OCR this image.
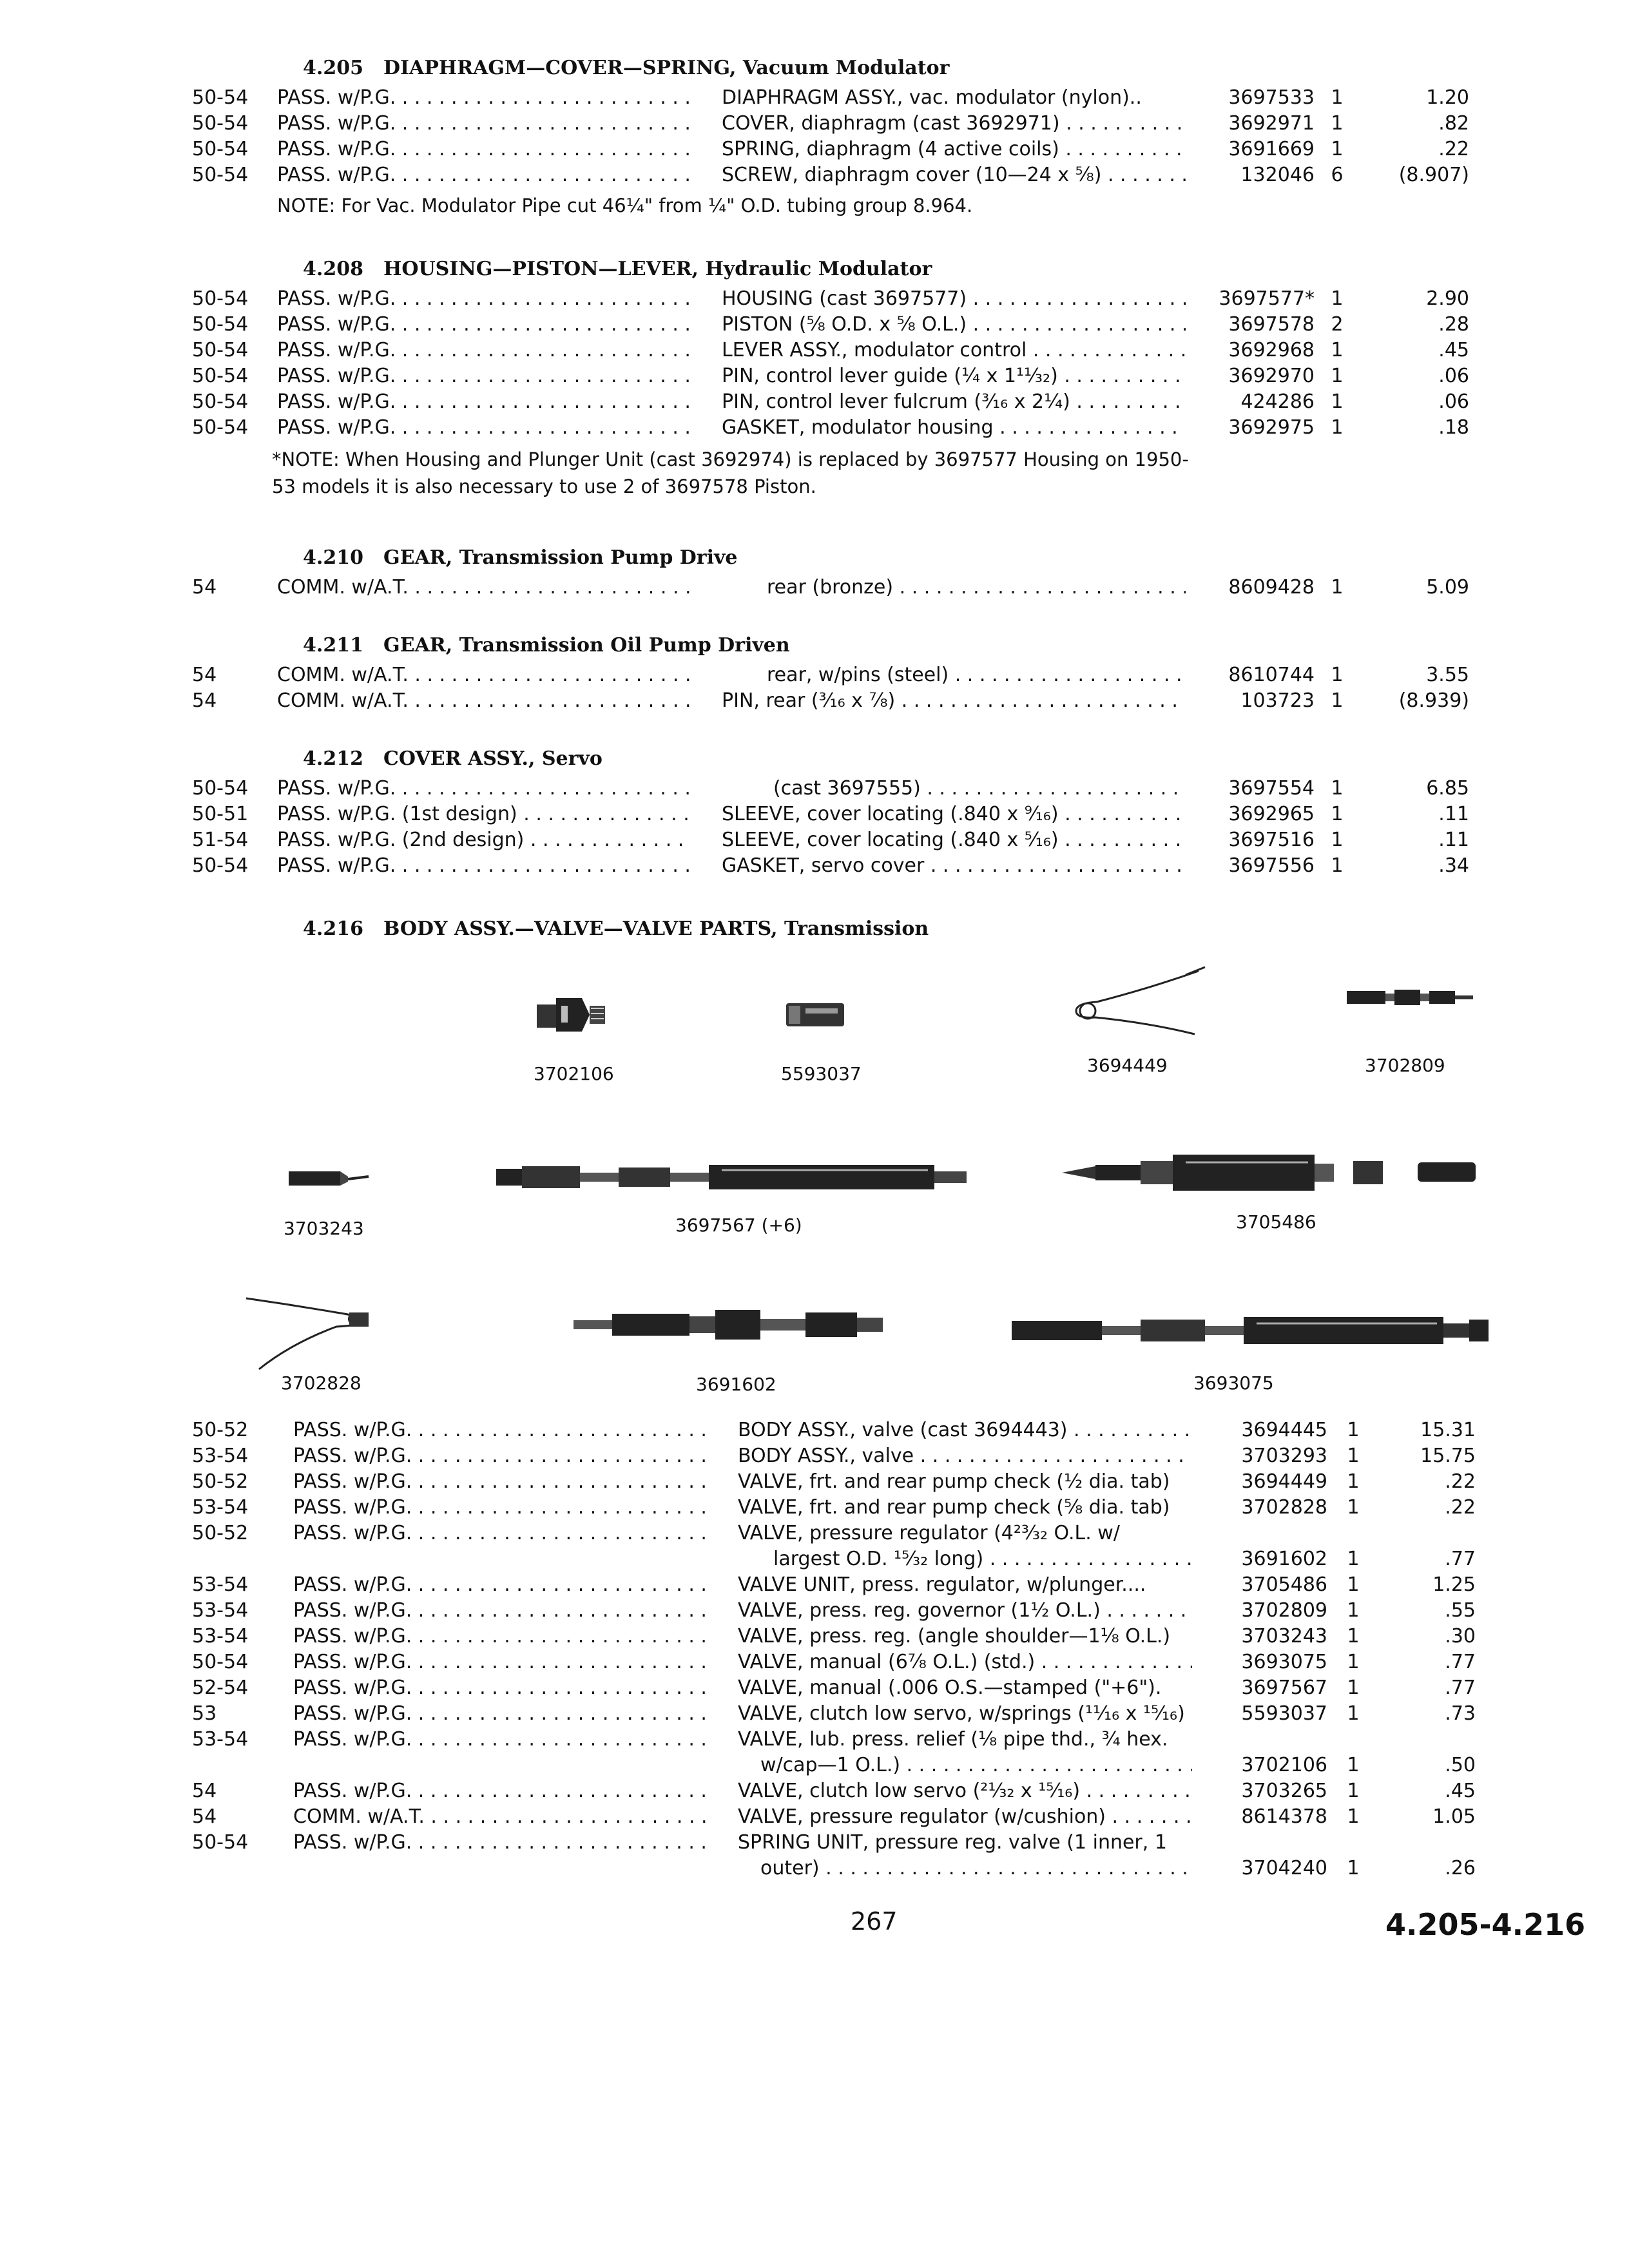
4.205 DIAPHRAGM—COVER—SPRING, Vacuum Modulator
50-54 PASS. w/P.G. . . .	DIAPHRAGM ASSY., vac. modulator (nylon)..	3697533 1	1.20
50-54 PASS. w/P.G. . . .	COVER, diaphragm (cast 3692971) . . .	3692971 1	.82
50-54 PASS. w/P.G. . . .	SPRING, diaphragm (4 active coils) . . .	3691669 1	.22
50-54 PASS. w/P.G. . . .	SCREW, diaphragm cover (10—24 x ⅝) . . .	132046 6	(8.907)
NOTE: For Vac. Modulator Pipe cut 46¼" from ¼" O.D. tubing group 8.964.
4.208 HOUSING—PISTON—LEVER, Hydraulic Modulator
50-54 PASS. w/P.G. . . .	HOUSING (cast 3697577) . . .	3697577* 1	2.90
50-54 PASS. w/P.G. . . .	PISTON (⅝ O.D. x ⅝ O.L.) . . .	3697578 2	.28
50-54 PASS. w/P.G. . . .	LEVER ASSY., modulator control . . .	3692968 1	.45
50-54 PASS. w/P.G. . . .	PIN, control lever guide (¼ x 1¹¹⁄₃₂) . . .	3692970 1	.06
50-54 PASS. w/P.G. . . .	PIN, control lever fulcrum (³⁄₁₆ x 2¼) . . .	424286 1	.06
50-54 PASS. w/P.G. . . .	GASKET, modulator housing . . .	3692975 1	.18
*NOTE: When Housing and Plunger Unit (cast 3692974) is replaced by 3697577 Housing on 1950-53 models it is also necessary to use 2 of 3697578 Piston.
4.210 GEAR, Transmission Pump Drive
54	COMM. w/A.T. . . .	rear (bronze) . . .	8609428 1	5.09
4.211 GEAR, Transmission Oil Pump Driven
54	COMM. w/A.T. . . .	rear, w/pins (steel) . . .	8610744 1	3.55
54	COMM. w/A.T. . . .	PIN, rear (³⁄₁₆ x ⅞) . . .	103723 1	(8.939)
4.212 COVER ASSY., Servo
50-54 PASS. w/P.G. . . .	(cast 3697555) . . .	3697554 1	6.85
50-51 PASS. w/P.G. (1st design) . . .	SLEEVE, cover locating (.840 x ⁹⁄₁₆) . . .	3692965 1	.11
51-54 PASS. w/P.G. (2nd design) . . .	SLEEVE, cover locating (.840 x ⁵⁄₁₆) . . .	3697516 1	.11
50-54 PASS. w/P.G. . . .	GASKET, servo cover . . .	3697556 1	.34
4.216 BODY ASSY.—VALVE—VALVE PARTS, Transmission
3702106	5593037	3694449	3702809
3703243	3697567 (+6)	3705486
3702828	3691602	3693075
50-52 PASS. w/P.G. . . .	BODY ASSY., valve (cast 3694443) . . .	3694445 1	15.31
53-54 PASS. w/P.G. . . .	BODY ASSY., valve . . .	3703293 1	15.75
50-52 PASS. w/P.G. . . .	VALVE, frt. and rear pump check (½ dia. tab)	3694449 1	.22
53-54 PASS. w/P.G. . . .	VALVE, frt. and rear pump check (⅝ dia. tab)	3702828 1	.22
50-52 PASS. w/P.G. . . .	VALVE, pressure regulator (4²³⁄₃₂ O.L. w/
largest O.D. ¹⁵⁄₃₂ long) . . .	3691602 1	.77
53-54 PASS. w/P.G. . . .	VALVE UNIT, press. regulator, w/plunger....	3705486 1	1.25
53-54 PASS. w/P.G. . . .	VALVE, press. reg. governor (1½ O.L.) . . .	3702809 1	.55
53-54 PASS. w/P.G. . . .	VALVE, press. reg. (angle shoulder—1⅛ O.L.)	3703243 1	.30
50-54 PASS. w/P.G. . . .	VALVE, manual (6⅞ O.L.) (std.) . . .	3693075 1	.77
52-54 PASS. w/P.G. . . .	VALVE, manual (.006 O.S.—stamped ("+6").	3697567 1	.77
53	PASS. w/P.G. . . .	VALVE, clutch low servo, w/springs (¹¹⁄₁₆ x ¹⁵⁄₁₆)	5593037 1	.73
53-54 PASS. w/P.G. . . .	VALVE, lub. press. relief (⅛ pipe thd., ¾ hex.
w/cap—1 O.L.) . . .	3702106 1	.50
54	PASS. w/P.G. . . .	VALVE, clutch low servo (²¹⁄₃₂ x ¹⁵⁄₁₆) . . .	3703265 1	.45
54	COMM. w/A.T. . . .	VALVE, pressure regulator (w/cushion) . . .	8614378 1	1.05
50-54 PASS. w/P.G. . . .	SPRING UNIT, pressure reg. valve (1 inner, 1
outer) . . .	3704240 1	.26
267	4.205-4.216
